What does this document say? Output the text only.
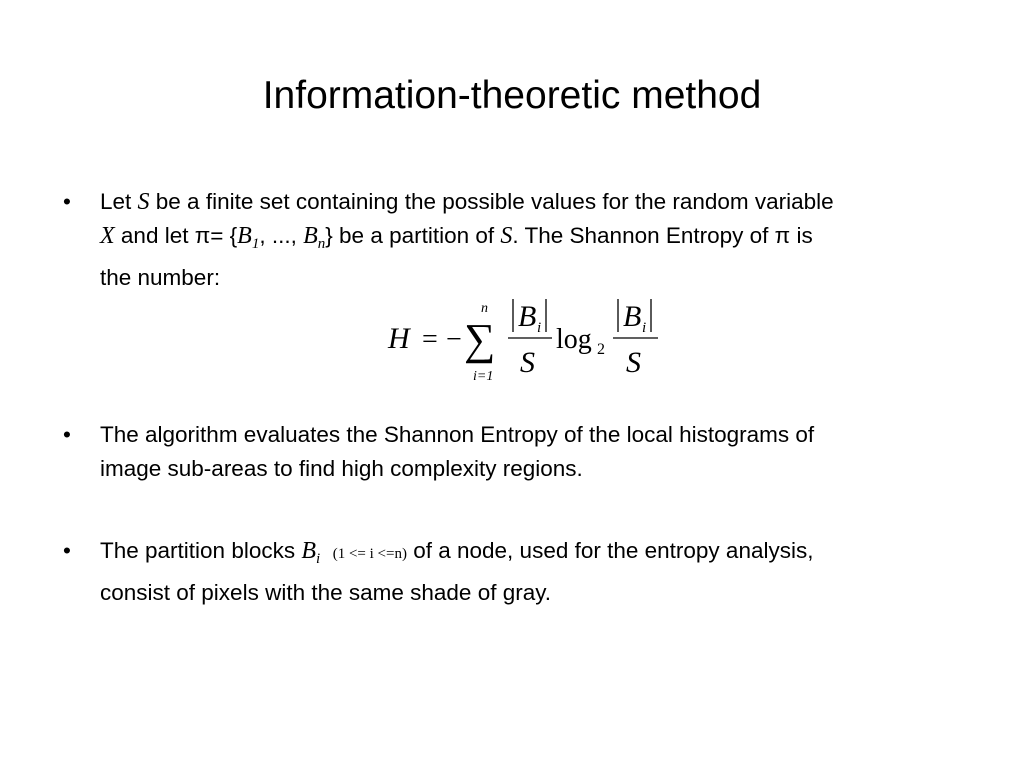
Information-theoretic method
• Let S be a finite set containing the possible values for the random variable
X and let $\pi= \{B_1$, ..., $B_n$} be a partition of S. The Shannon Entropy of π is
the number:
H = − ∑
n
i=1
B i
S
log 2
B i
S
• The algorithm evaluates the Shannon Entropy of the local histograms of
image sub-areas to find high complexity regions.
• The partition blocks $B_i$ (1 <= i <=n) of a node, used for the entropy analysis,
consist of pixels with the same shade of gray.
